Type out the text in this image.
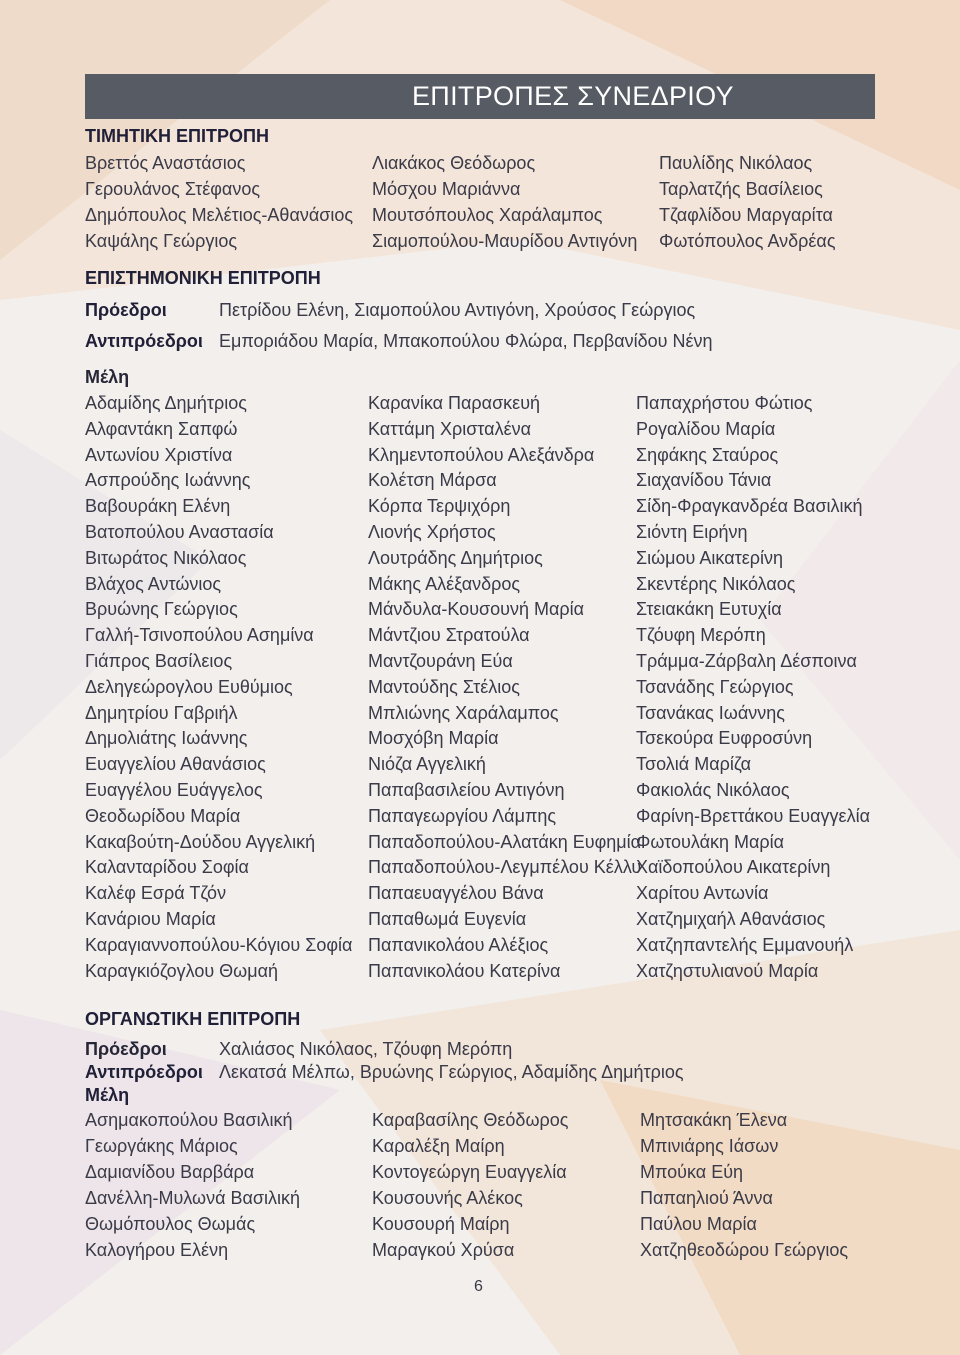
ΕΠΙΤΡΟΠΕΣ ΣΥΝΕΔΡΙΟΥ
ΤΙΜΗΤΙΚΗ ΕΠΙΤΡΟΠΗ
Βρεττός Αναστάσιος
Γερουλάνος Στέφανος
Δημόπουλος Μελέτιος-Αθανάσιος
Καψάλης Γεώργιος
Λιακάκος Θεόδωρος
Μόσχου Μαριάννα
Μουτσόπουλος Χαράλαμπος
Σιαμοπούλου-Μαυρίδου Αντιγόνη
Παυλίδης Νικόλαος
Ταρλατζής Βασίλειος
Τζαφλίδου Μαργαρίτα
Φωτόπουλος Ανδρέας
ΕΠΙΣΤΗΜΟΝΙΚΗ ΕΠΙΤΡΟΠΗ
Πρόεδροι	Πετρίδου Ελένη, Σιαμοπούλου Αντιγόνη, Χρούσος Γεώργιος
Αντιπρόεδροι Εμποριάδου Μαρία, Μπακοπούλου Φλώρα, Περβανίδου Νένη
Μέλη
Αδαμίδης Δημήτριος
Αλφαντάκη Σαπφώ
Αντωνίου Χριστίνα
Ασπρούδης Ιωάννης
Βαβουράκη Ελένη
Βατοπούλου Αναστασία
Βιτωράτος Νικόλαος
Βλάχος Αντώνιος
Βρυώνης Γεώργιος
Γαλλή-Τσινοπούλου Ασημίνα
Γιάπρος Βασίλειος
Δεληγεώρογλου Ευθύμιος
Δημητρίου Γαβριήλ
Δημολιάτης Ιωάννης
Ευαγγελίου Αθανάσιος
Ευαγγέλου Ευάγγελος
Θεοδωρίδου Μαρία
Κακαβούτη-Δούδου Αγγελική
Καλανταρίδου Σοφία
Καλέφ Εσρά Τζόν
Κανάριου Μαρία
Καραγιαννοπούλου-Κόγιου Σοφία
Καραγκιόζογλου Θωμαή
Καρανίκα Παρασκευή
Καττάμη Χρισταλένα
Κλημεντοπούλου Αλεξάνδρα
Κολέτση Μάρσα
Κόρπα Τερψιχόρη
Λιονής Χρήστος
Λουτράδης Δημήτριος
Μάκης Αλέξανδρος
Μάνδυλα-Κουσουνή Μαρία
Μάντζιου Στρατούλα
Μαντζουράνη Εύα
Μαντούδης Στέλιος
Μπλιώνης Χαράλαμπος
Μοσχόβη Μαρία
Νιόζα Αγγελική
Παπαβασιλείου Αντιγόνη
Παπαγεωργίου Λάμπης
Παπαδοπούλου-Αλατάκη Ευφημία
Παπαδοπούλου-Λεγμπέλου Κέλλυ
Παπαευαγγέλου Βάνα
Παπαθωμά Ευγενία
Παπανικολάου Αλέξιος
Παπανικολάου Κατερίνα
Παπαχρήστου Φώτιος
Ρογαλίδου Μαρία
Σηφάκης Σταύρος
Σιαχανίδου Τάνια
Σίδη-Φραγκανδρέα Βασιλική
Σιόντη Ειρήνη
Σιώμου Αικατερίνη
Σκεντέρης Νικόλαος
Στειακάκη Ευτυχία
Τζόυφη Μερόπη
Τράμμα-Ζάρβαλη Δέσποινα
Τσανάδης Γεώργιος
Τσανάκας Ιωάννης
Τσεκούρα Ευφροσύνη
Τσολιά Μαρίζα
Φακιολάς Νικόλαος
Φαρίνη-Βρεττάκου Ευαγγελία
Φωτουλάκη Μαρία
Χαϊδοπούλου Αικατερίνη
Χαρίτου Αντωνία
Χατζημιχαήλ Αθανάσιος
Χατζηπαντελής Εμμανουήλ
Χατζηστυλιανού Μαρία
ΟΡΓΑΝΩΤΙΚΗ ΕΠΙΤΡΟΠΗ
Πρόεδροι	Χαλιάσος Νικόλαος, Τζόυφη Μερόπη
Αντιπρόεδροι Λεκατσά Μέλπω, Βρυώνης Γεώργιος, Αδαμίδης Δημήτριος
Μέλη
Ασημακοπούλου Βασιλική
Γεωργάκης Μάριος
Δαμιανίδου Βαρβάρα
Δανέλλη-Μυλωνά Βασιλική
Θωμόπουλος Θωμάς
Καλογήρου Ελένη
Καραβασίλης Θεόδωρος
Καραλέξη Μαίρη
Κοντογεώργη Ευαγγελία
Κουσουνής Αλέκος
Κουσουρή Μαίρη
Μαραγκού Χρύσα
Μητσακάκη Έλενα
Μπινιάρης Ιάσων
Μπούκα Εύη
Παπαηλιού Άννα
Παύλου Μαρία
Χατζηθεοδώρου Γεώργιος
6
